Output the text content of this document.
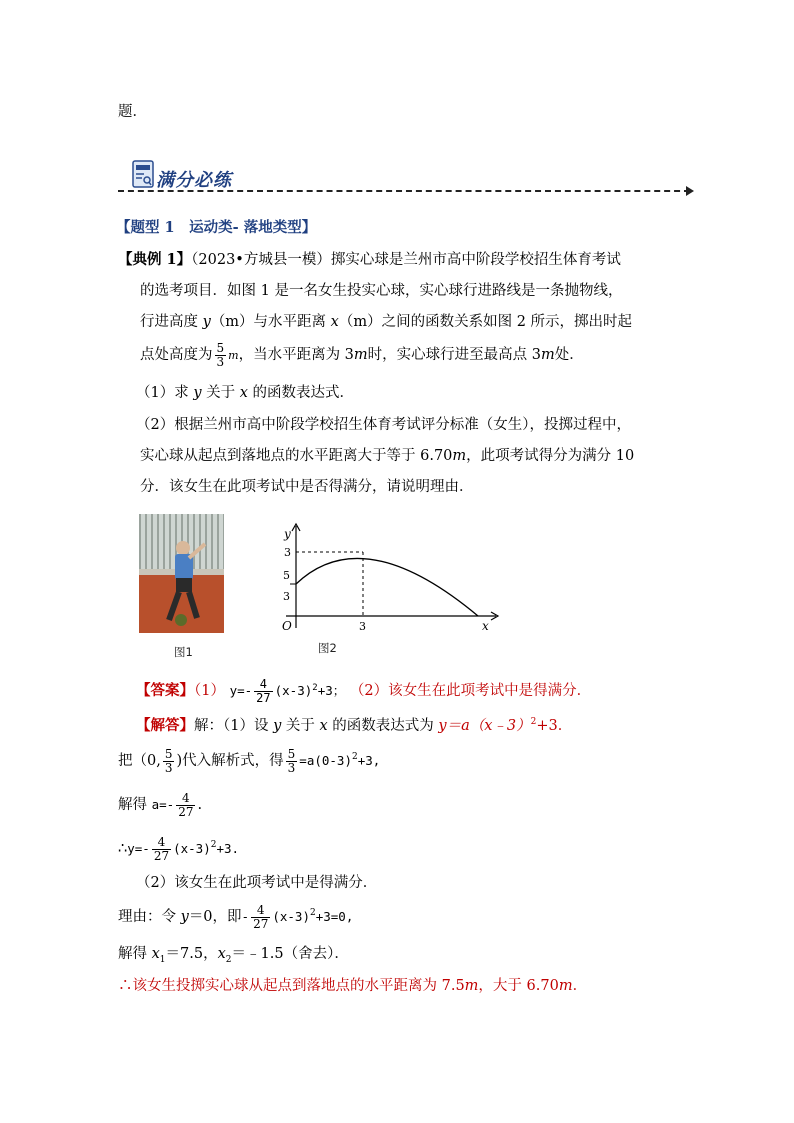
题．
满分必练
【题型 1　运动类- 落地类型】
【典例 1】（2023•方城县一模）掷实心球是兰州市高中阶段学校招生体育考试
的选考项目．如图 1 是一名女生投实心球，实心球行进路线是一条抛物线，
行进高度 y（m）与水平距离 x（m）之间的函数关系如图 2 所示，掷出时起
点处高度为 $\frac{5}{3}$ m，当水平距离为 3m时，实心球行进至最高点 3m处．
（1）求 y 关于 x 的函数表达式．
（2）根据兰州市高中阶段学校招生体育考试评分标准（女生），投掷过程中，
实心球从起点到落地点的水平距离大于等于 6.70m，此项考试得分为满分 10
分．该女生在此项考试中是否得满分，请说明理由．
图1
y
x
O
3
5
3
3
图2
【答案】（1） $y=- \frac{4}{27} (x-3)^2+3$； （2）该女生在此项考试中是得满分．
【解答】解：（1）设 y 关于 x 的函数表达式为 y＝a（x﹣3）$^2$+3．
把（0, $\frac{5}{3}$ )代入解析式，得 $\frac{5}{3} =a(0-3)^2+3$,
解得 $a=- \frac{4}{27}$ .
∴y=- $\frac{4}{27} (x-3)^2+3$.
（2）该女生在此项考试中是得满分．
理由：令 y＝0，即- $\frac{4}{27} (x-3)^2+3=0$,
解得 $x_1=7.5$，$x_2=﹣1.5$（舍去）．
∴该女生投掷实心球从起点到落地点的水平距离为 7.5m，大于 6.70m．
